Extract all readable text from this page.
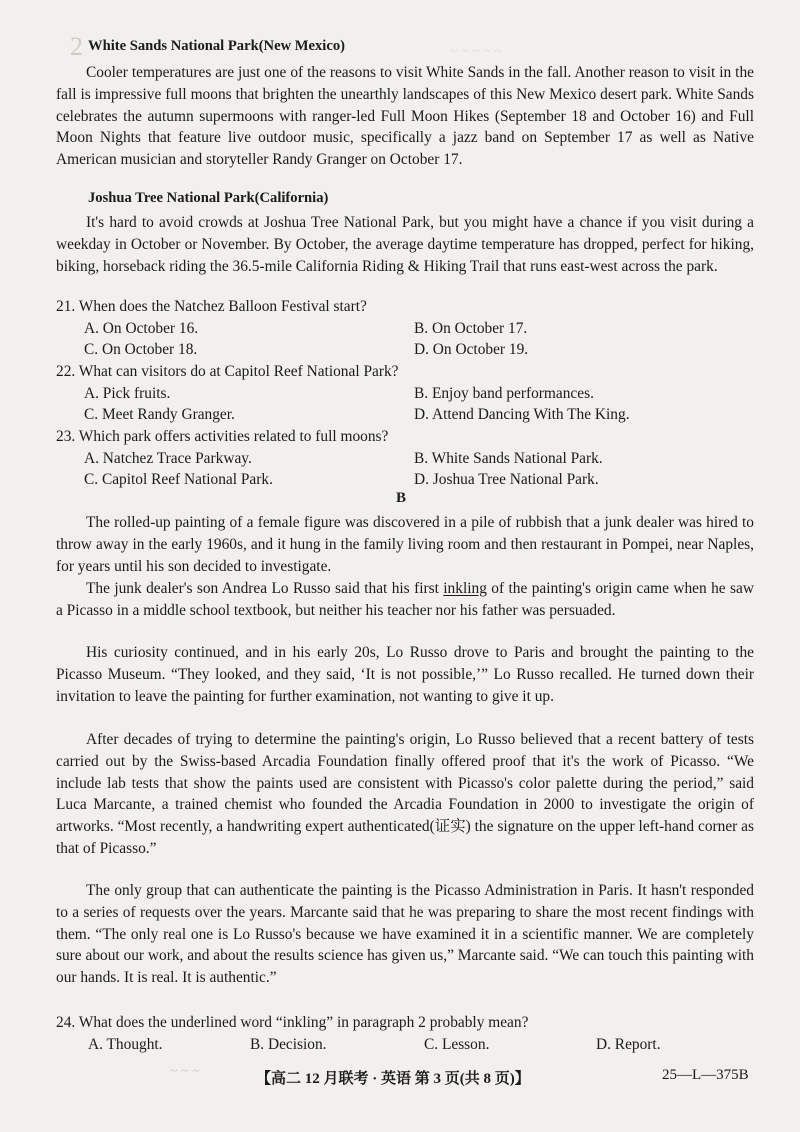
~ ~ ~ ~ ~
2 White Sands National Park(New Mexico)

Cooler temperatures are just one of the reasons to visit White Sands in the fall. Another reason to visit in the fall is impressive full moons that brighten the unearthly landscapes of this New Mexico desert park. White Sands celebrates the autumn supermoons with ranger-led Full Moon Hikes (September 18 and October 16) and Full Moon Nights that feature live outdoor music, specifically a jazz band on September 17 as well as Native American musician and storyteller Randy Granger on October 17.

Joshua Tree National Park(California)

It's hard to avoid crowds at Joshua Tree National Park, but you might have a chance if you visit during a weekday in October or November. By October, the average daytime temperature has dropped, perfect for hiking, biking, horseback riding the 36.5-mile California Riding & Hiking Trail that runs east-west across the park.

21. When does the Natchez Balloon Festival start?
A. On October 16.	B. On October 17.
C. On October 18.	D. On October 19.
22. What can visitors do at Capitol Reef National Park?
A. Pick fruits.	B. Enjoy band performances.
C. Meet Randy Granger.	D. Attend Dancing With The King.
23. Which park offers activities related to full moons?
A. Natchez Trace Parkway.	B. White Sands National Park.
C. Capitol Reef National Park.	D. Joshua Tree National Park.
B

The rolled-up painting of a female figure was discovered in a pile of rubbish that a junk dealer was hired to throw away in the early 1960s, and it hung in the family living room and then restaurant in Pompei, near Naples, for years until his son decided to investigate.

The junk dealer's son Andrea Lo Russo said that his first inkling of the painting's origin came when he saw a Picasso in a middle school textbook, but neither his teacher nor his father was persuaded.

His curiosity continued, and in his early 20s, Lo Russo drove to Paris and brought the painting to the Picasso Museum. “They looked, and they said, ‘It is not possible,’” Lo Russo recalled. He turned down their invitation to leave the painting for further examination, not wanting to give it up.

After decades of trying to determine the painting's origin, Lo Russo believed that a recent battery of tests carried out by the Swiss-based Arcadia Foundation finally offered proof that it's the work of Picasso. “We include lab tests that show the paints used are consistent with Picasso's color palette during the period,” said Luca Marcante, a trained chemist who founded the Arcadia Foundation in 2000 to investigate the origin of artworks. “Most recently, a handwriting expert authenticated(证实) the signature on the upper left-hand corner as that of Picasso.”

The only group that can authenticate the painting is the Picasso Administration in Paris. It hasn't responded to a series of requests over the years. Marcante said that he was preparing to share the most recent findings with them. “The only real one is Lo Russo's because we have examined it in a scientific manner. We are completely sure about our work, and about the results science has given us,” Marcante said. “We can touch this painting with our hands. It is real. It is authentic.”

24. What does the underlined word “inkling” in paragraph 2 probably mean?
A. Thought.	B. Decision.	C. Lesson.	D. Report.
~ ~ ~	【高二 12 月联考 · 英语 第 3 页(共 8 页)】	25—L—375B
